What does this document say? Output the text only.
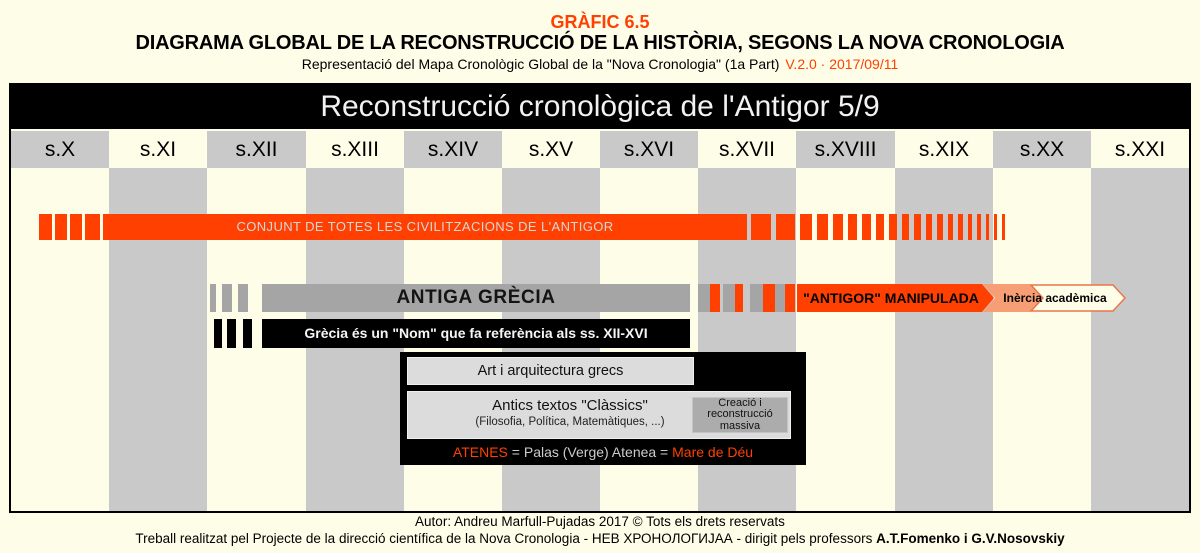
GRÀFIC 6.5
DIAGRAMA GLOBAL DE LA RECONSTRUCCIÓ DE LA HISTÒRIA, SEGONS LA NOVA CRONOLOGIA
Representació del Mapa Cronològic Global de la "Nova Cronologia" (1a Part) V.2.0 · 2017/09/11
s.X	s.XI	s.XII	s.XIII	s.XIV	s.XV	s.XVI	s.XVII	s.XVIII	s.XIX	s.XX	s.XXI
Reconstrucció cronològica de l'Antigor 5/9
CONJUNT DE TOTES LES CIVILITZACIONS DE L'ANTIGOR
ANTIGA GRÈCIA	"ANTIGOR" MANIPULADA	Inèrcia acadèmica
Grècia és un "Nom" que fa referència als ss. XII-XVI
Art i arquitectura grecs
Antics textos "Clàssics"
(Filosofia, Política, Matemàtiques, ...)
Creació i reconstrucció massiva
ATENES = Palas (Verge) Atenea = Mare de Déu
Autor: Andreu Marfull-Pujadas 2017 © Tots els drets reservats
Treball realitzat pel Projecte de la direcció científica de la Nova Cronologia - НЕВ ХРОНОЛОГИЈАА - dirigit pels professors A.T.Fomenko i G.V.Nosovskiy
